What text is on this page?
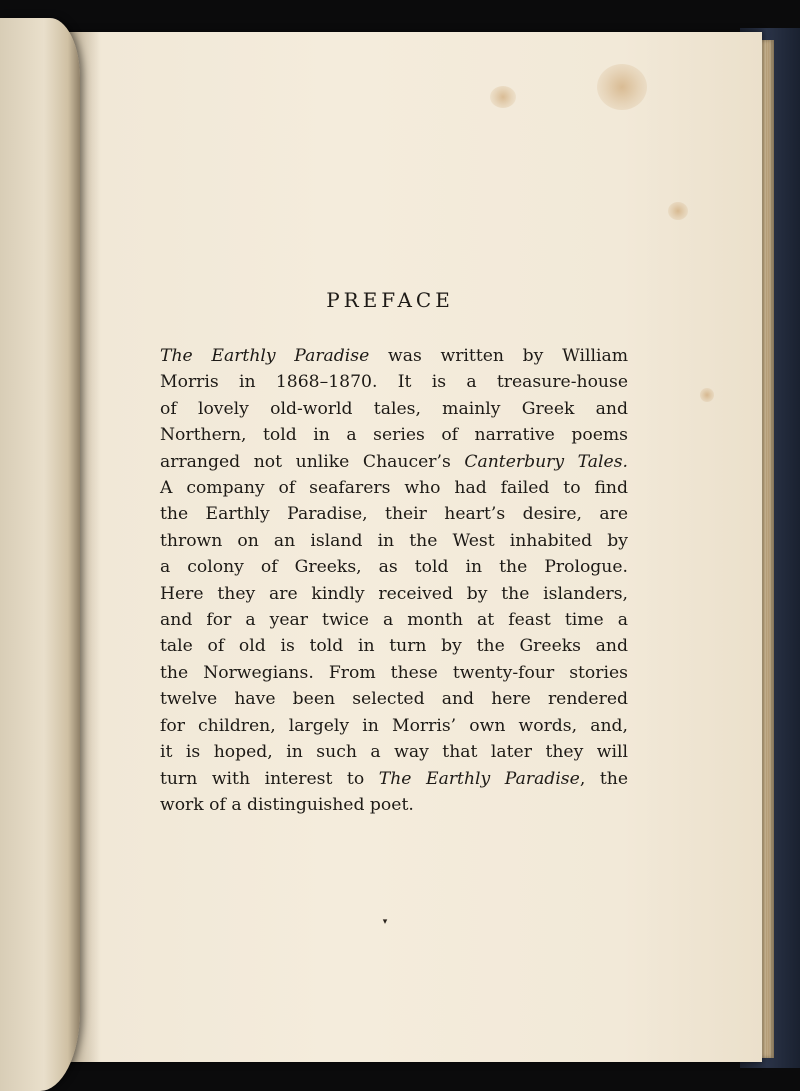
PREFACE
The Earthly Paradise was written by William
Morris in 1868–1870. It is a treasure-house
of lovely old-world tales, mainly Greek and
Northern, told in a series of narrative poems
arranged not unlike Chaucer’s Canterbury Tales.
A company of seafarers who had failed to find
the Earthly Paradise, their heart’s desire, are
thrown on an island in the West inhabited by
a colony of Greeks, as told in the Prologue.
Here they are kindly received by the islanders,
and for a year twice a month at feast time a
tale of old is told in turn by the Greeks and
the Norwegians. From these twenty-four stories
twelve have been selected and here rendered
for children, largely in Morris’ own words, and,
it is hoped, in such a way that later they will
turn with interest to The Earthly Paradise, the
work of a distinguished poet.
▾
